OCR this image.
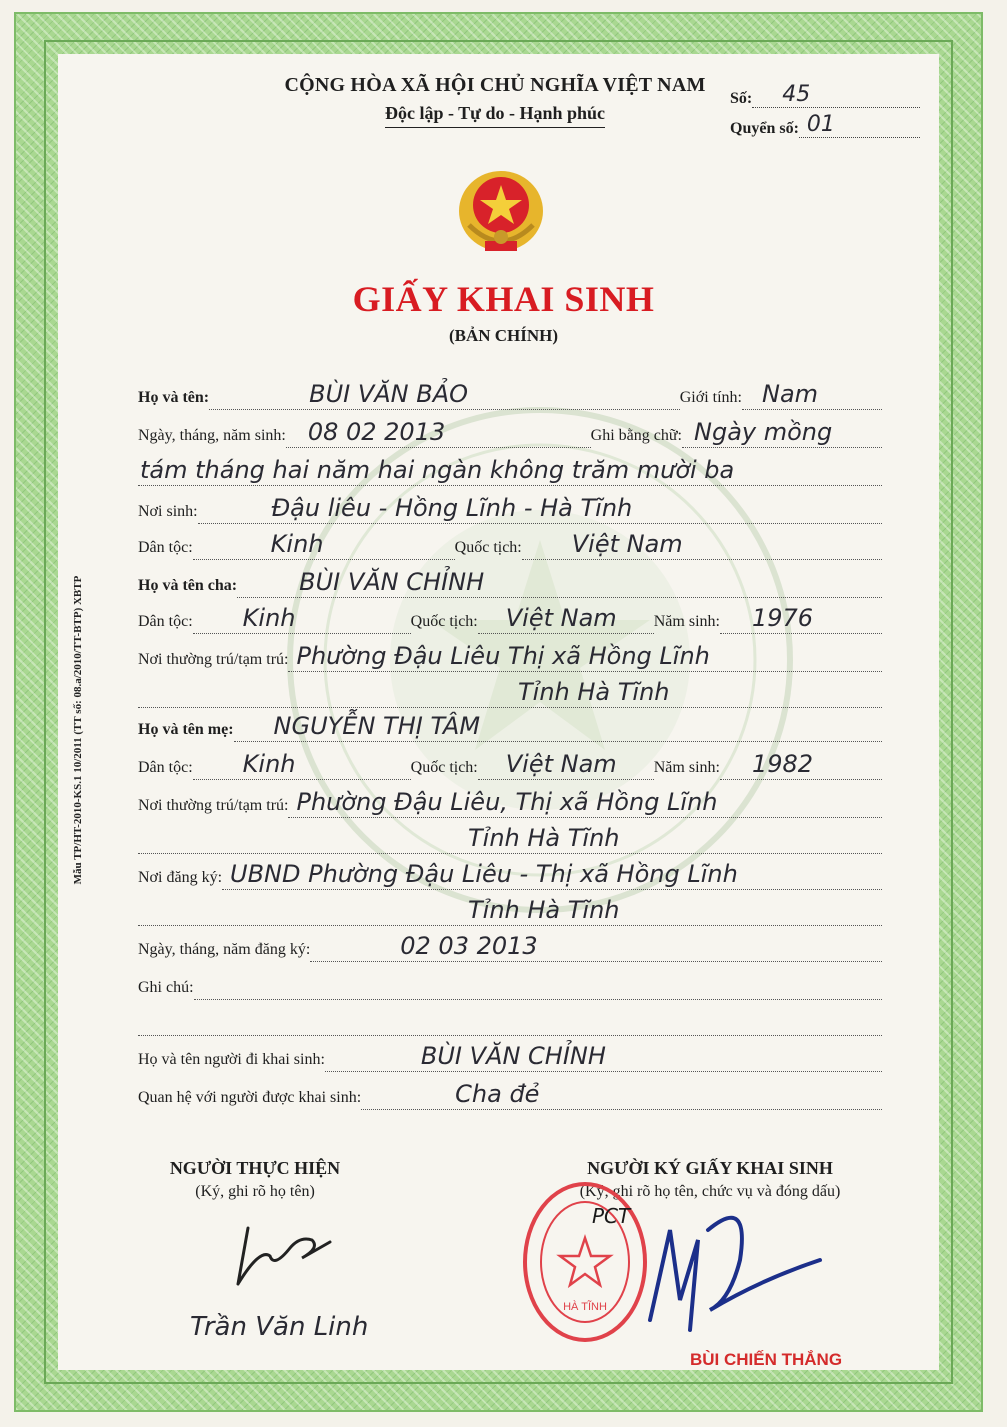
Mẫu TP/HT-2010-KS.1 10/2011 (TT số: 08.a/2010/TT-BTP) XBTP
CỘNG HÒA XÃ HỘI CHỦ NGHĨA VIỆT NAM
Độc lập - Tự do - Hạnh phúc
Số: 45
Quyển số: 01
GIẤY KHAI SINH
(BẢN CHÍNH)
Họ và tên:	BÙI VĂN BẢO	Giới tính: Nam
Ngày, tháng, năm sinh: 08 02 2013	Ghi bằng chữ: Ngày mồng
tám tháng hai năm hai ngàn không trăm mười ba
Nơi sinh:	Đậu liêu - Hồng Lĩnh - Hà Tĩnh
Dân tộc:	Kinh	Quốc tịch: Việt Nam
Họ và tên cha:	BÙI VĂN CHỈNH
Dân tộc: Kinh	Quốc tịch: Việt Nam Năm sinh: 1976
Nơi thường trú/tạm trú: Phường Đậu Liêu Thị xã Hồng Lĩnh
Tỉnh Hà Tĩnh
Họ và tên mẹ: NGUYỄN THỊ TÂM
Dân tộc: Kinh	Quốc tịch: Việt Nam Năm sinh: 1982
Nơi thường trú/tạm trú: Phường Đậu Liêu, Thị xã Hồng Lĩnh
Tỉnh Hà Tĩnh
Nơi đăng ký: UBND Phường Đậu Liêu - Thị xã Hồng Lĩnh
Tỉnh Hà Tĩnh
Ngày, tháng, năm đăng ký:	02 03 2013
Ghi chú:
Họ và tên người đi khai sinh:	BÙI VĂN CHỈNH
Quan hệ với người được khai sinh:	Cha đẻ
NGƯỜI THỰC HIỆN
(Ký, ghi rõ họ tên)
Trần Văn Linh
NGƯỜI KÝ GIẤY KHAI SINH
(Ký, ghi rõ họ tên, chức vụ và đóng dấu)
HÀ TĨNH
PCT
BÙI CHIẾN THẮNG
